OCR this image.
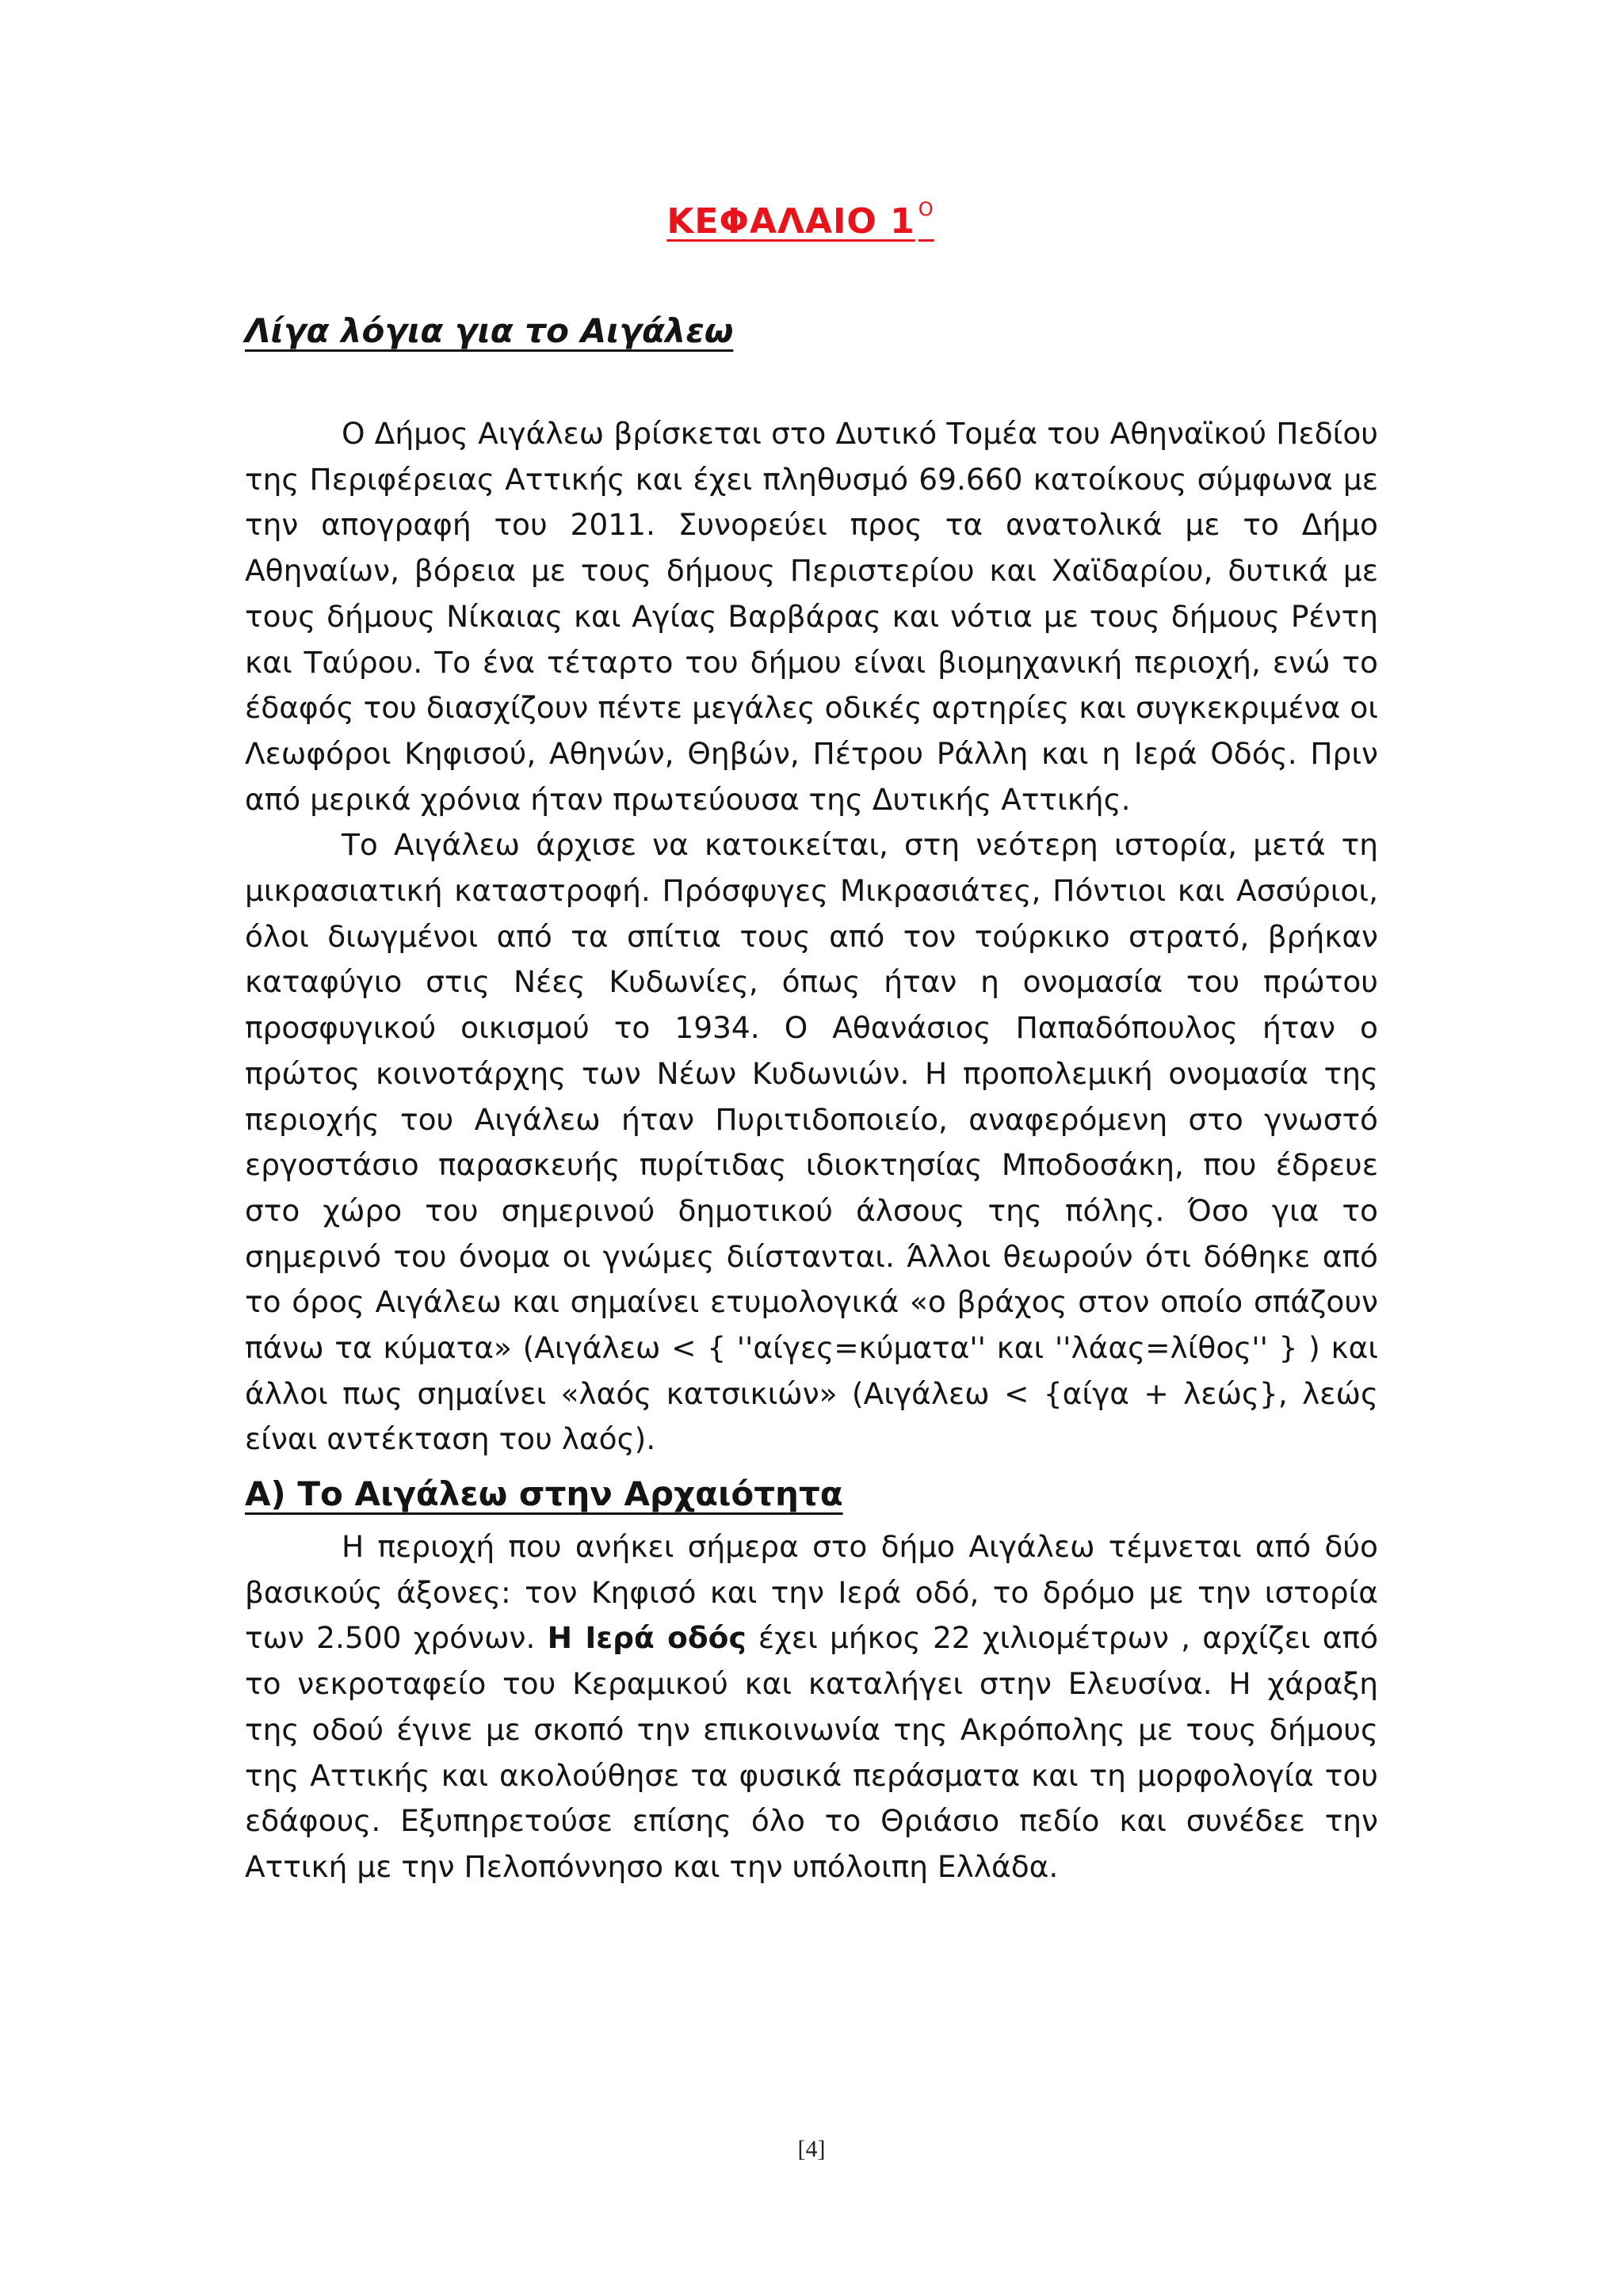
ΚΕΦΑΛΑΙΟ 1 $^O$
Λίγα λόγια για το Αιγάλεω

Ο Δήμος Αιγάλεω βρίσκεται στο Δυτικό Τομέα του Αθηναϊκού Πεδίου της Περιφέρειας Αττικής και έχει πληθυσμό 69.660 κατοίκους σύμφωνα με την απογραφή του 2011. Συνορεύει προς τα ανατολικά με το Δήμο Αθηναίων, βόρεια με τους δήμους Περιστερίου και Χαϊδαρίου, δυτικά με τους δήμους Νίκαιας και Αγίας Βαρβάρας και νότια με τους δήμους Ρέντη και Ταύρου. Το ένα τέταρτο του δήμου είναι βιομηχανική περιοχή, ενώ το έδαφός του διασχίζουν πέντε μεγάλες οδικές αρτηρίες και συγκεκριμένα οι Λεωφόροι Κηφισού, Αθηνών, Θηβών, Πέτρου Ράλλη και η Ιερά Οδός. Πριν από μερικά χρόνια ήταν πρωτεύουσα της Δυτικής Αττικής.

Το Αιγάλεω άρχισε να κατοικείται, στη νεότερη ιστορία, μετά τη μικρασιατική καταστροφή. Πρόσφυγες Μικρασιάτες, Πόντιοι και Ασσύριοι, όλοι διωγμένοι από τα σπίτια τους από τον τούρκικο στρατό, βρήκαν καταφύγιο στις Νέες Κυδωνίες, όπως ήταν η ονομασία του πρώτου προσφυγικού οικισμού το 1934. Ο Αθανάσιος Παπαδόπουλος ήταν ο πρώτος κοινοτάρχης των Νέων Κυδωνιών. Η προπολεμική ονομασία της περιοχής του Αιγάλεω ήταν Πυριτιδοποιείο, αναφερόμενη στο γνωστό εργοστάσιο παρασκευής πυρίτιδας ιδιοκτησίας Μποδοσάκη, που έδρευε στο χώρο του σημερινού δημοτικού άλσους της πόλης. Όσο για το σημερινό του όνομα οι γνώμες διίστανται. Άλλοι θεωρούν ότι δόθηκε από το όρος Αιγάλεω και σημαίνει ετυμολογικά «ο βράχος στον οποίο σπάζουν πάνω τα κύματα» (Αιγάλεω < { ''αίγες=κύματα'' και ''λάας=λίθος'' } ) και άλλοι πως σημαίνει «λαός κατσικιών» (Αιγάλεω < {αίγα + λεώς}, λεώς είναι αντέκταση του λαός).

Α) Το Αιγάλεω στην Αρχαιότητα

Η περιοχή που ανήκει σήμερα στο δήμο Αιγάλεω τέμνεται από δύο βασικούς άξονες: τον Κηφισό και την Ιερά οδό, το δρόμο με την ιστορία των 2.500 χρόνων. Η Ιερά οδός έχει μήκος 22 χιλιομέτρων , αρχίζει από το νεκροταφείο του Κεραμικού και καταλήγει στην Ελευσίνα. Η χάραξη της οδού έγινε με σκοπό την επικοινωνία της Ακρόπολης με τους δήμους της Αττικής και ακολούθησε τα φυσικά περάσματα και τη μορφολογία του εδάφους. Εξυπηρετούσε επίσης όλο το Θριάσιο πεδίο και συνέδεε την Αττική με την Πελοπόννησο και την υπόλοιπη Ελλάδα.

[4]
